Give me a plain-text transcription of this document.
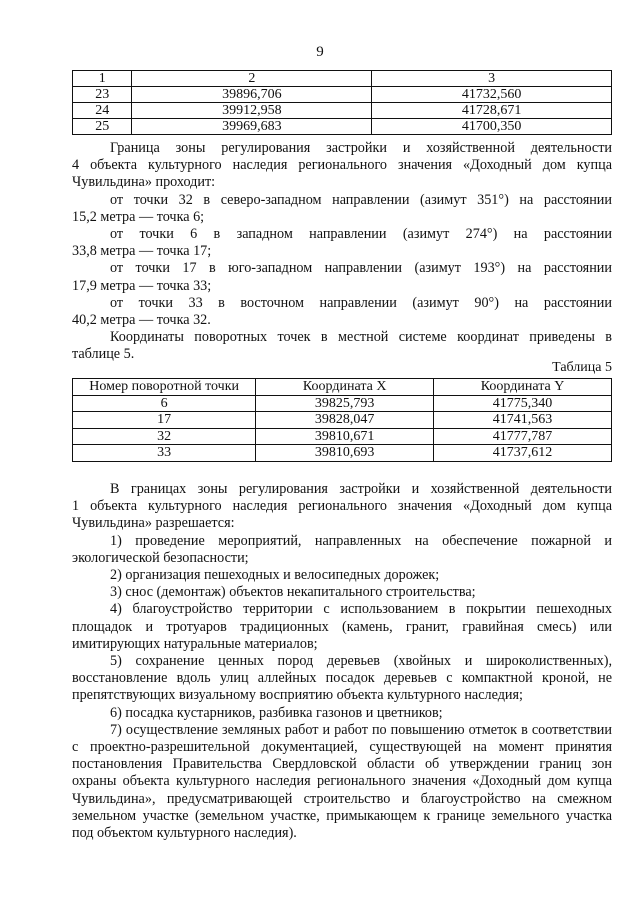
9
1	2	3
23	39896,706	41732,560
24	39912,958	41728,671
25	39969,683	41700,350
Граница зоны регулирования застройки и хозяйственной деятельности
4 объекта культурного наследия регионального значения «Доходный дом купца
Чувильдина» проходит:
от точки 32 в северо-западном направлении (азимут 351°) на расстоянии
15,2 метра — точка 6;
от точки 6 в западном направлении (азимут 274°) на расстоянии
33,8 метра — точка 17;
от точки 17 в юго-западном направлении (азимут 193°) на расстоянии
17,9 метра — точка 33;
от точки 33 в восточном направлении (азимут 90°) на расстоянии
40,2 метра — точка 32.
Координаты поворотных точек в местной системе координат приведены в
таблице 5.
Таблица 5
Номер поворотной точки	Координата X	Координата Y
6	39825,793	41775,340
17	39828,047	41741,563
32	39810,671	41777,787
33	39810,693	41737,612
В границах зоны регулирования застройки и хозяйственной деятельности
1 объекта культурного наследия регионального значения «Доходный дом купца
Чувильдина» разрешается:

1) проведение мероприятий, направленных на обеспечение пожарной и экологической безопасности;

2) организация пешеходных и велосипедных дорожек;

3) снос (демонтаж) объектов некапитального строительства;

4) благоустройство территории с использованием в покрытии пешеходных площадок и тротуаров традиционных (камень, гранит, гравийная смесь) или имитирующих натуральные материалов;

5) сохранение ценных пород деревьев (хвойных и широколиственных), восстановление вдоль улиц аллейных посадок деревьев с компактной кроной, не препятствующих визуальному восприятию объекта культурного наследия;

6) посадка кустарников, разбивка газонов и цветников;

7) осуществление земляных работ и работ по повышению отметок в соответствии с проектно-разрешительной документацией, существующей на момент принятия постановления Правительства Свердловской области об утверждении границ зон охраны объекта культурного наследия регионального значения «Доходный дом купца Чувильдина», предусматривающей строительство и благоустройство на смежном земельном участке (земельном участке, примыкающем к границе земельного участка под объектом культурного наследия).
